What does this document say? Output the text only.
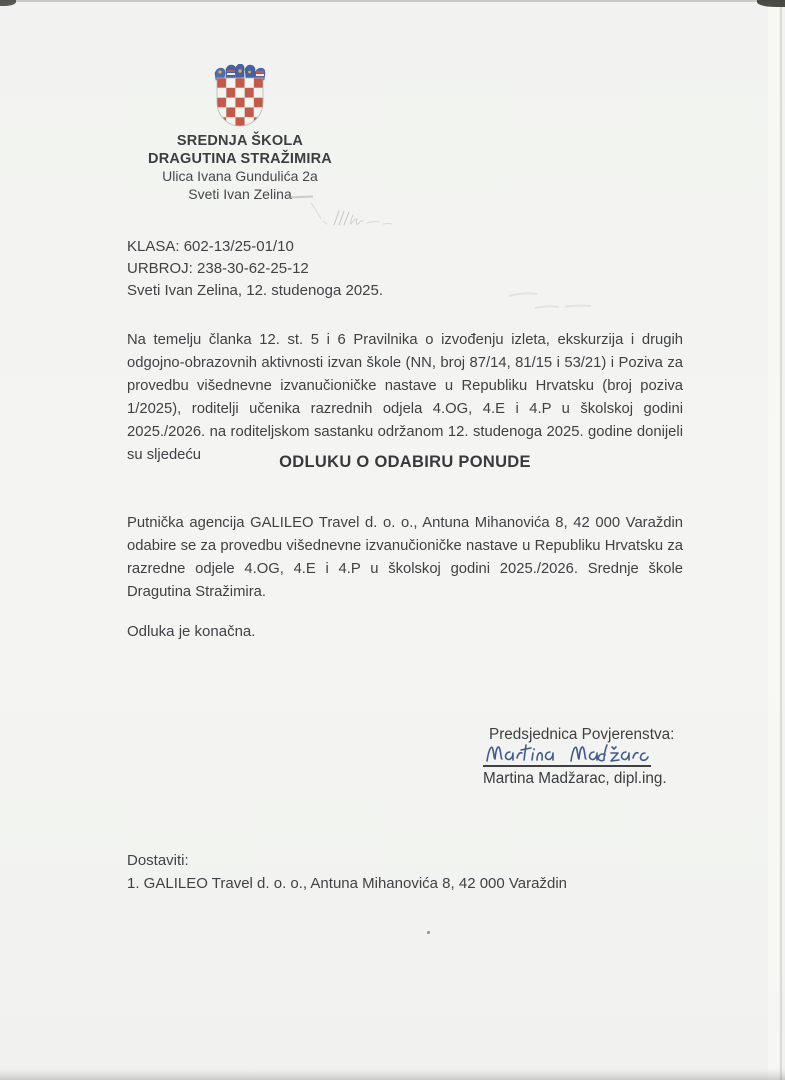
SREDNJA ŠKOLA
DRAGUTINA STRAŽIMIRA
Ulica Ivana Gundulića 2a
Sveti Ivan Zelina
KLASA: 602-13/25-01/10
URBROJ: 238-30-62-25-12
Sveti Ivan Zelina, 12. studenoga 2025.
Na temelju članka 12. st. 5 i 6 Pravilnika o izvođenju izleta, ekskurzija i drugih odgojno-obrazovnih aktivnosti izvan škole (NN, broj 87/14, 81/15 i 53/21) i Poziva za provedbu višednevne izvanučioničke nastave u Republiku Hrvatsku (broj poziva 1/2025), roditelji učenika razrednih odjela 4.OG, 4.E i 4.P u školskoj godini 2025./2026. na roditeljskom sastanku održanom 12. studenoga 2025. godine donijeli su sljedeću	ODLUKU O ODABIRU PONUDE
Putnička agencija GALILEO Travel d. o. o., Antuna Mihanovića 8, 42 000 Varaždin odabire se za provedbu višednevne izvanučioničke nastave u Republiku Hrvatsku za razredne odjele 4.OG, 4.E i 4.P u školskoj godini 2025./2026. Srednje škole Dragutina Stražimira.
Odluka je konačna.
Predsjednica Povjerenstva:
Martina Madžarac, dipl.ing.
Dostaviti:
1. GALILEO Travel d. o. o., Antuna Mihanovića 8, 42 000 Varaždin
